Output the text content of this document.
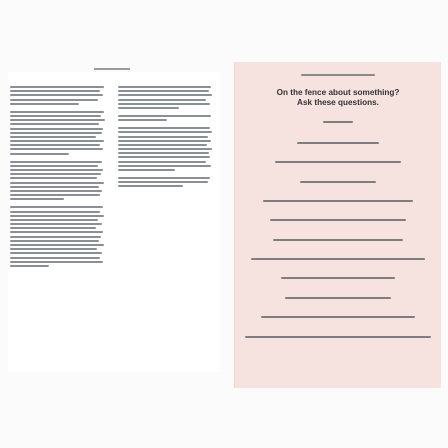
On the fence about something?
Ask these questions.
